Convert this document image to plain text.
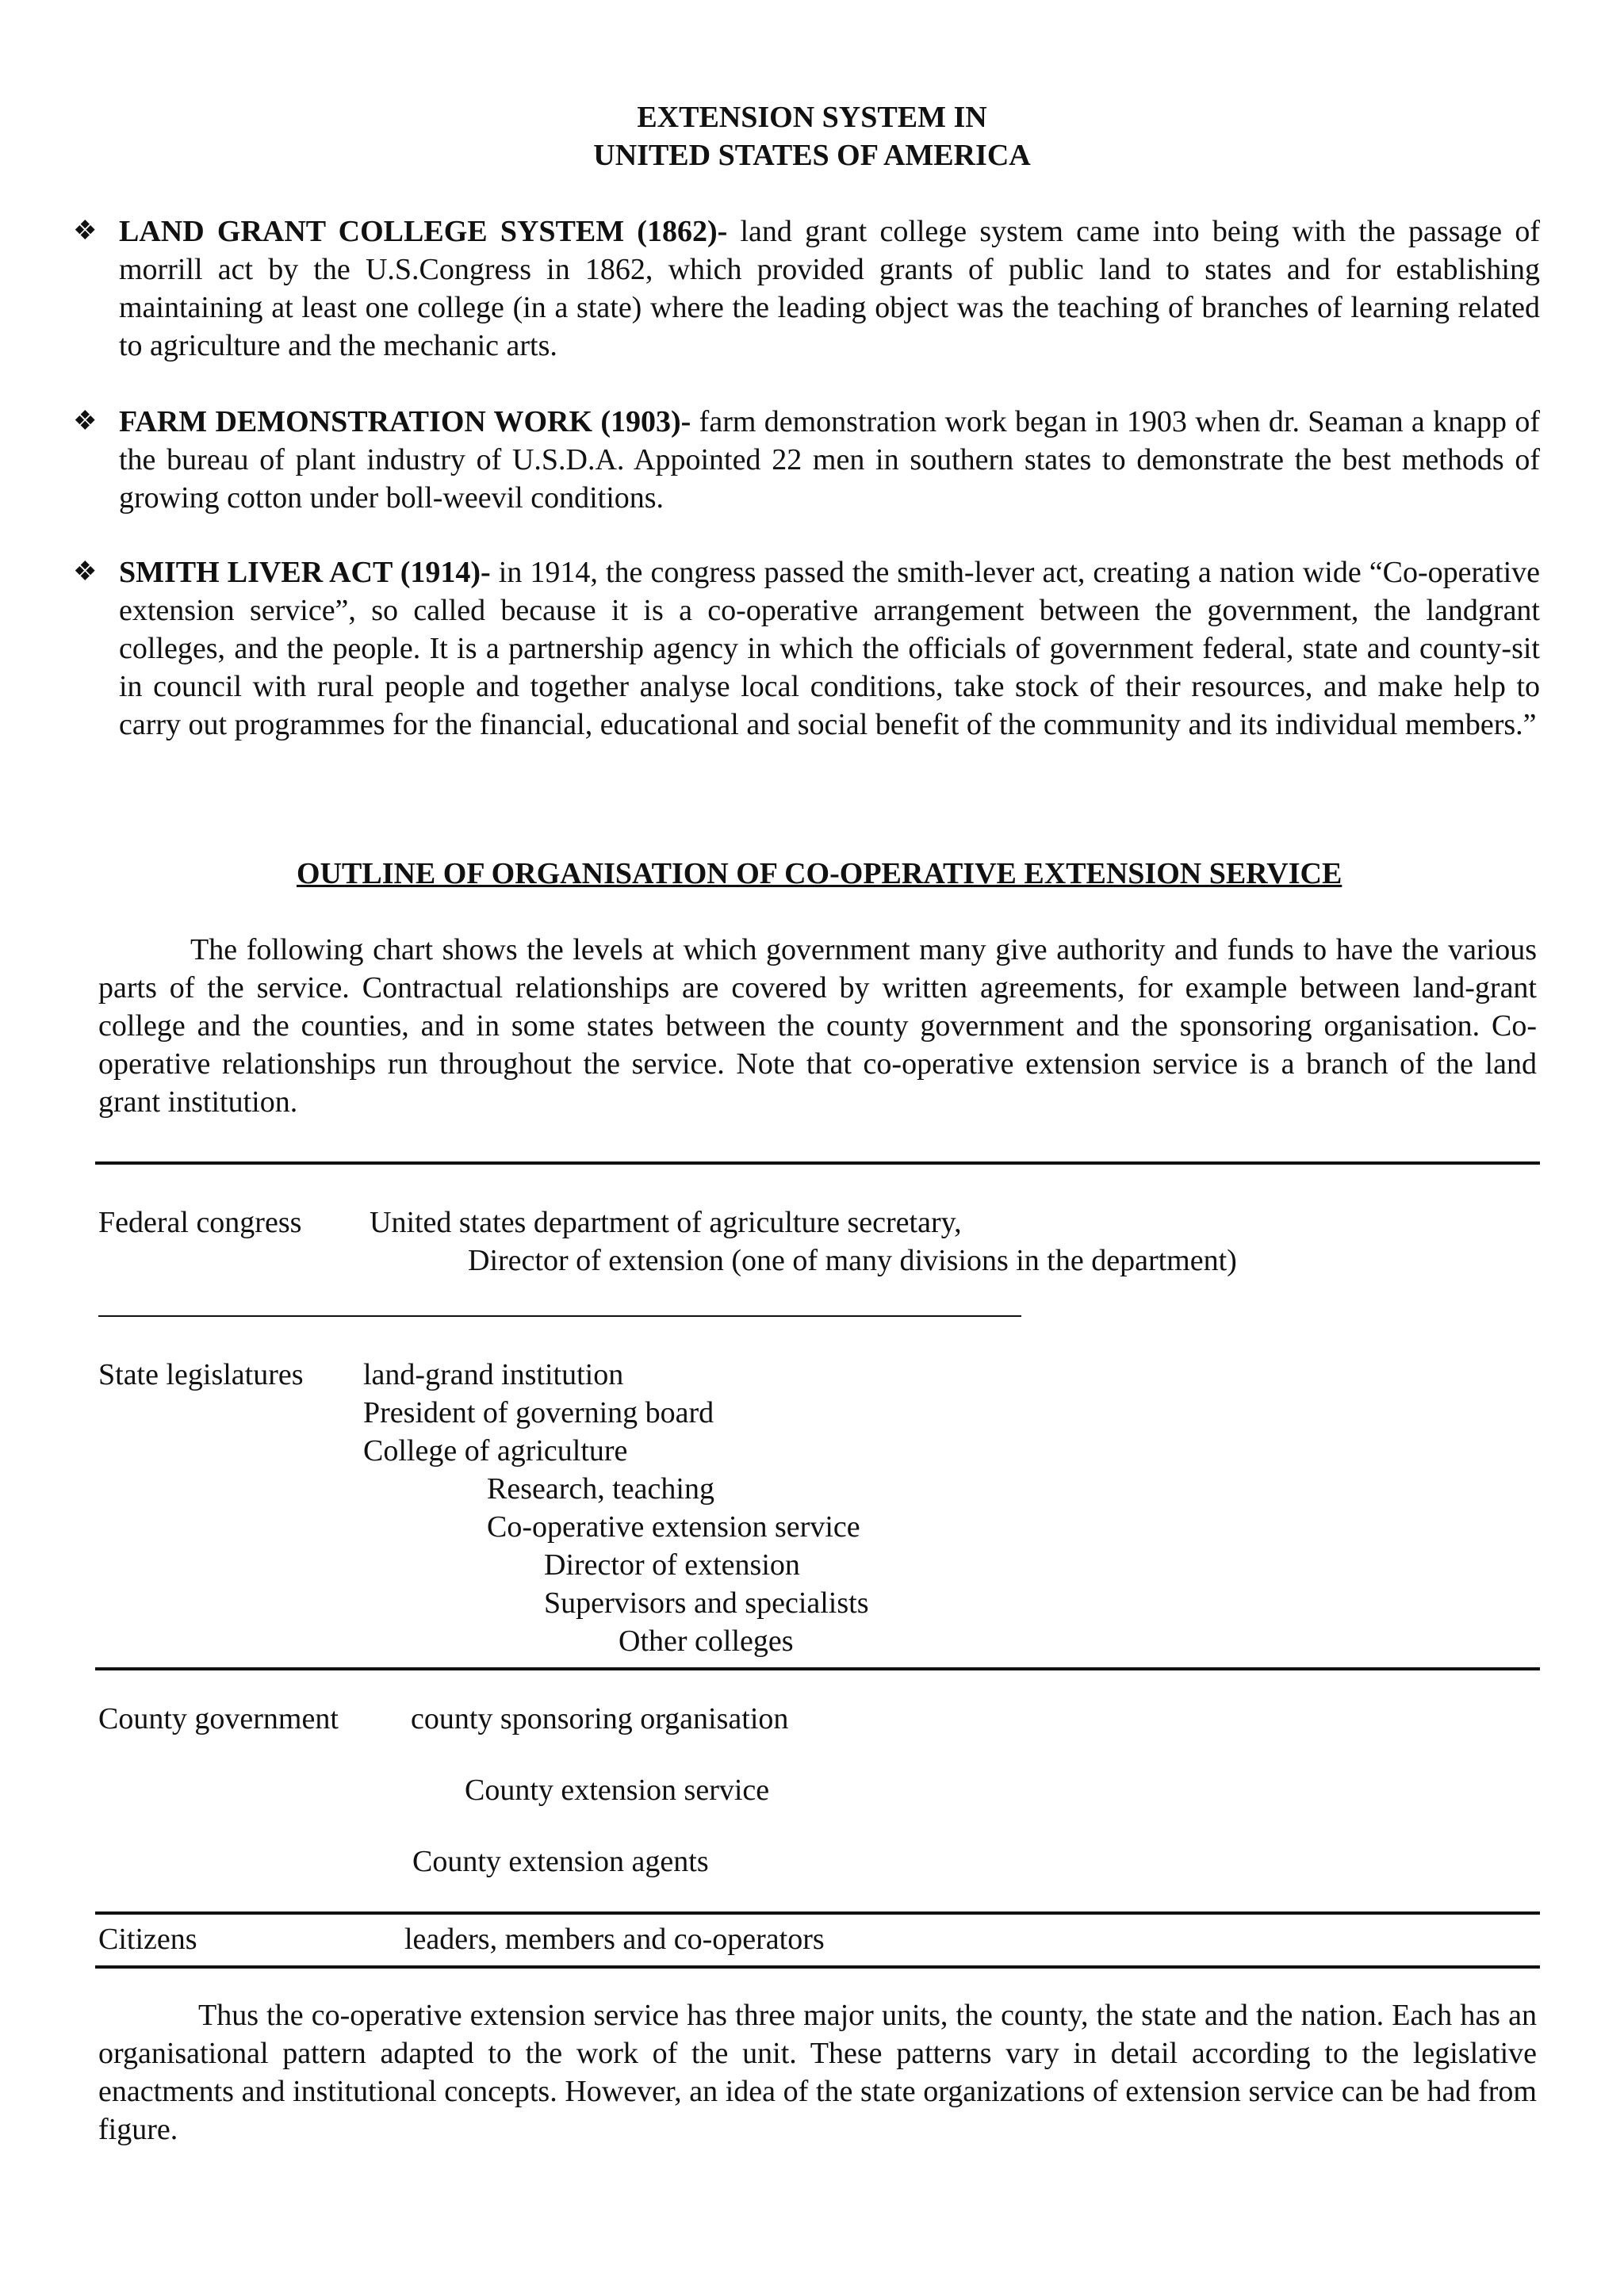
EXTENSION SYSTEM IN
UNITED STATES OF AMERICA
❖ LAND GRANT COLLEGE SYSTEM (1862)- land grant college system came into being with the passage of morrill act by the U.S.Congress in 1862, which provided grants of public land to states and for establishing maintaining at least one college (in a state) where the leading object was the teaching of branches of learning related to agriculture and the mechanic arts.
❖ FARM DEMONSTRATION WORK (1903)- farm demonstration work began in 1903 when dr. Seaman a knapp of the bureau of plant industry of U.S.D.A. Appointed 22 men in southern states to demonstrate the best methods of growing cotton under boll-weevil conditions.
❖ SMITH LIVER ACT (1914)- in 1914, the congress passed the smith-lever act, creating a nation wide “Co-operative extension service”, so called because it is a co-operative arrangement between the government, the landgrant colleges, and the people. It is a partnership agency in which the officials of government federal, state and county-sit in council with rural people and together analyse local conditions, take stock of their resources, and make help to carry out programmes for the financial, educational and social benefit of the community and its individual members.”
OUTLINE OF ORGANISATION OF CO-OPERATIVE EXTENSION SERVICE
The following chart shows the levels at which government many give authority and funds to have the various parts of the service. Contractual relationships are covered by written agreements, for example between land-grant college and the counties, and in some states between the county government and the sponsoring organisation. Co-operative relationships run throughout the service. Note that co-operative extension service is a branch of the land grant institution.
Federal congress United states department of agriculture secretary,
Director of extension (one of many divisions in the department)
State legislatures land-grand institution
President of governing board
College of agriculture
Research, teaching
Co-operative extension service
Director of extension
Supervisors and specialists
Other colleges
County government county sponsoring organisation
County extension service
County extension agents
Citizens	leaders, members and co-operators
Thus the co-operative extension service has three major units, the county, the state and the nation. Each has an organisational pattern adapted to the work of the unit. These patterns vary in detail according to the legislative enactments and institutional concepts. However, an idea of the state organizations of extension service can be had from figure.
